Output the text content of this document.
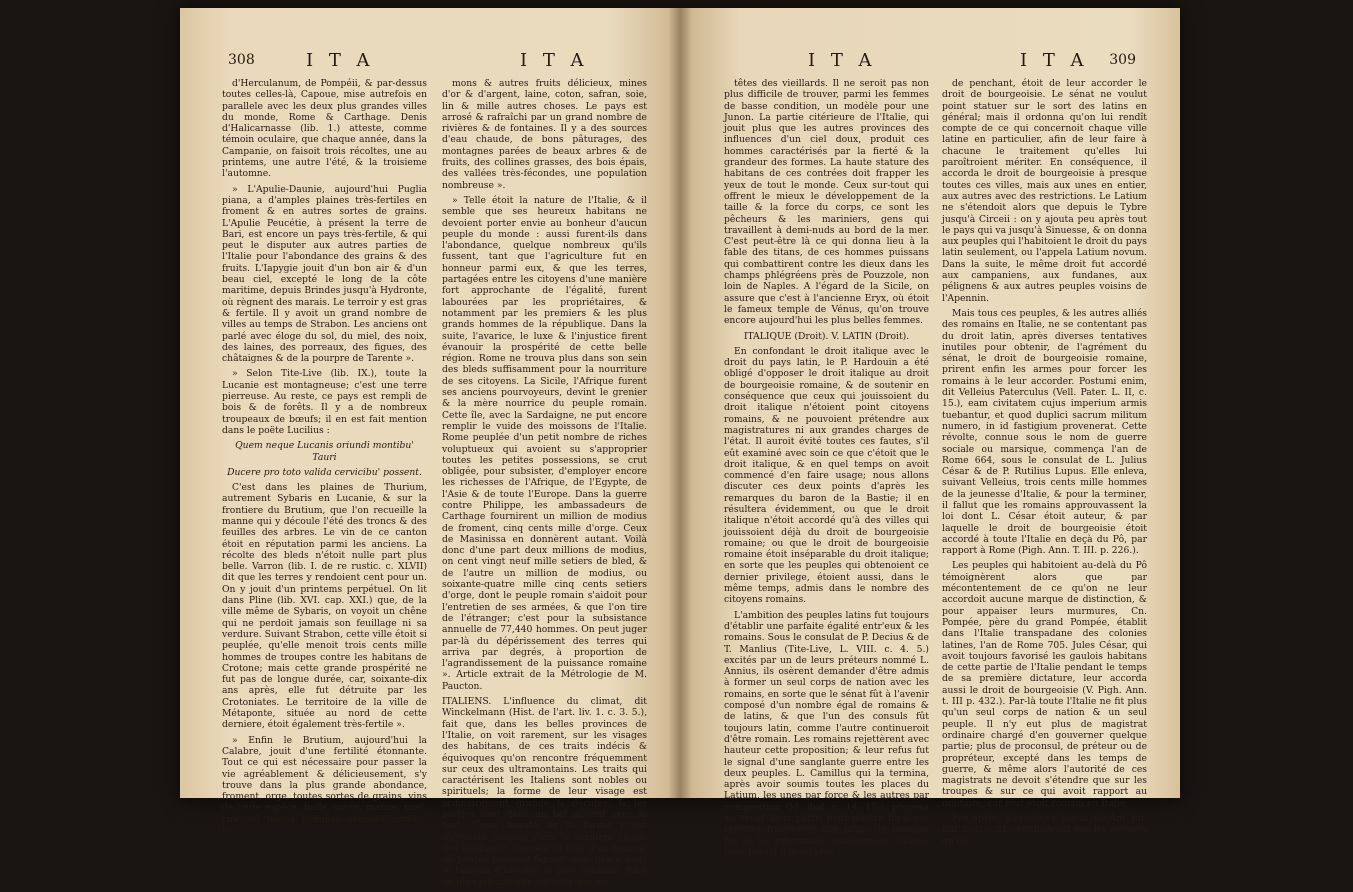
308	I T A	I T A

d'Herculanum, de Pompéii, & par-dessus toutes celles-là, Capoue, mise autrefois en parallele avec les deux plus grandes villes du monde, Rome & Carthage. Denis d'Halicarnasse (lib. 1.) atteste, comme témoin oculaire, que chaque année, dans la Campanie, on faisoit trois récoltes, une au printems, une autre l'été, & la troisieme l'automne.

» L'Apulie-Daunie, aujourd'hui Puglia piana, a d'amples plaines très-fertiles en froment & en autres sortes de grains. L'Apulie Peucétie, à présent la terre de Bari, est encore un pays très-fertile, & qui peut le disputer aux autres parties de l'Italie pour l'abondance des grains & des fruits. L'Iapygie jouit d'un bon air & d'un beau ciel, excepté le long de la côte maritime, depuis Brindes jusqu'à Hydronte, où règnent des marais. Le terroir y est gras & fertile. Il y avoit un grand nombre de villes au temps de Strabon. Les anciens ont parlé avec éloge du sol, du miel, des noix, des laines, des porreaux, des figues, des châtaignes & de la pourpre de Tarente ».

» Selon Tite-Live (lib. IX.), toute la Lucanie est montagneuse; c'est une terre pierreuse. Au reste, ce pays est rempli de bois & de forêts. Il y a de nombreux troupeaux de bœufs; il en est fait mention dans le poëte Lucilius :

Quem neque Lucanis oriundi montibu' Tauri

Ducere pro toto valida cervicibu' possent.

C'est dans les plaines de Thurium, autrement Sybaris en Lucanie, & sur la frontiere du Brutium, que l'on recueille la manne qui y découle l'été des troncs & des feuilles des arbres. Le vin de ce canton étoit en réputation parmi les anciens. La récolte des bleds n'étoit nulle part plus belle. Varron (lib. I. de re rustic. c. XLVII) dit que les terres y rendoient cent pour un. On y jouit d'un printems perpétuel. On lit dans Pline (lib. XVI. cap. XXI.) que, de la ville même de Sybaris, on voyoit un chêne qui ne perdoit jamais son feuillage ni sa verdure. Suivant Strabon, cette ville étoit si peuplée, qu'elle menoit trois cents mille hommes de troupes contre les habitans de Crotone; mais cette grande prospérité ne fut pas de longue durée, car, soixante-dix ans après, elle fut détruite par les Crotoniates. Le territoire de la ville de Métaponte, située au nord de cette derniere, étoit également très-fertile ».

» Enfin le Brutium, aujourd'hui la Calabre, jouit d'une fertilité étonnante. Tout ce qui est nécessaire pour passer la vie agréablement & délicieusement, s'y trouve dans la plus grande abondance, froment, orge, toutes sortes de grains, vins de toute espèce, huile, sucre, manne, miel, cire, sel, figues, pommes, oranges, citrons, li-

mons & autres fruits délicieux, mines d'or & d'argent, laine, coton, safran, soie, lin & mille autres choses. Le pays est arrosé & rafraîchi par un grand nombre de rivières & de fontaines. Il y a des sources d'eau chaude, de bons pâturages, des montagnes parées de beaux arbres & de fruits, des collines grasses, des bois épais, des vallées très-fécondes, une population nombreuse ».

» Telle étoit la nature de l'Italie, & il semble que ses heureux habitans ne devoient porter envie au bonheur d'aucun peuple du monde : aussi furent-ils dans l'abondance, quelque nombreux qu'ils fussent, tant que l'agriculture fut en honneur parmi eux, & que les terres, partagées entre les citoyens d'une manière fort approchante de l'égalité, furent labourées par les propriétaires, & notamment par les premiers & les plus grands hommes de la république. Dans la suite, l'avarice, le luxe & l'injustice firent évanouir la prospérité de cette belle région. Rome ne trouva plus dans son sein des bleds suffisamment pour la nourriture de ses citoyens. La Sicile, l'Afrique furent ses anciens pourvoyeurs, devint le grenier & la mère nourrice du peuple romain. Cette île, avec la Sardaigne, ne put encore remplir le vuide des moissons de l'Italie. Rome peuplée d'un petit nombre de riches voluptueux qui avoient su s'approprier toutes les petites possessions, se crut obligée, pour subsister, d'employer encore les richesses de l'Afrique, de l'Egypte, de l'Asie & de toute l'Europe. Dans la guerre contre Philippe, les ambassadeurs de Carthage fournirent un million de modius de froment, cinq cents mille d'orge. Ceux de Masinissa en donnèrent autant. Voilà donc d'une part deux millions de modius, on cent vingt neuf mille setiers de bled, & de l'autre un million de modius, ou soixante-quatre mille cinq cents setiers d'orge, dont le peuple romain s'aidoit pour l'entretien de ses armées, & que l'on tire de l'étranger; c'est pour la subsistance annuelle de 77,440 hommes. On peut juger par-là du dépérissement des terres qui arriva par degrés, à proportion de l'agrandissement de la puissance romaine ». Article extrait de la Métrologie de M. Paucton.

ITALIENS. L'influence du climat, dit Winckelmann (Hist. de l'art. liv. 1. c. 3. 5.), fait que, dans les belles provinces de l'Italie, on voit rarement, sur les visages des habitans, de ces traits indécis & équivoques qu'on rencontre fréquemment sur ceux des ultramontains. Les traits qui caractérisent les Italiens sont nobles ou spirituels; la forme de leur visage est ordinairement grande & décidée, & les parties sont dans un bel accord avec le tout. Cette beauté de la forme y est frappante jusques dans la dernière classe des habitans : souvent la tête d'un homme du peuple pourroit figurer avec grace dans le tableau d'histoire le plus sublime. Rien de plus pittoresque sur-tout que les

I T A	I T A 309

têtes des vieillards. Il ne seroit pas non plus difficile de trouver, parmi les femmes de basse condition, un modèle pour une Junon. La partie citérieure de l'Italie, qui jouit plus que les autres provinces des influences d'un ciel doux, produit ces hommes caractérisés par la fierté & la grandeur des formes. La haute stature des habitans de ces contrées doit frapper les yeux de tout le monde. Ceux sur-tout qui offrent le mieux le développement de la taille & la force du corps, ce sont les pêcheurs & les mariniers, gens qui travaillent à demi-nuds au bord de la mer. C'est peut-être là ce qui donna lieu à la fable des titans, de ces hommes puissans qui combattirent contre les dieux dans les champs phlégréens près de Pouzzole, non loin de Naples. A l'égard de la Sicile, on assure que c'est à l'ancienne Eryx, où étoit le fameux temple de Vénus, qu'on trouve encore aujourd'hui les plus belles femmes.

ITALIQUE (Droit). V. LATIN (Droit).

En confondant le droit italique avec le droit du pays latin, le P. Hardouin a été obligé d'opposer le droit italique au droit de bourgeoisie romaine, & de soutenir en conséquence que ceux qui jouissoient du droit italique n'étoient point citoyens romains, & ne pouvoient prétendre aux magistratures ni aux grandes charges de l'état. Il auroit évité toutes ces fautes, s'il eût examiné avec soin ce que c'étoit que le droit italique, & en quel temps on avoit commencé d'en faire usage; nous allons discuter ces deux points d'après les remarques du baron de la Bastie; il en résultera évidemment, ou que le droit italique n'étoit accordé qu'à des villes qui jouissoient déjà du droit de bourgeoisie romaine; ou que le droit de bourgeoisie romaine étoit inséparable du droit italique; en sorte que les peuples qui obtenoient ce dernier privilege, étoient aussi, dans le même temps, admis dans le nombre des citoyens romains.

L'ambition des peuples latins fut toujours d'établir une parfaite égalité entr'eux & les romains. Sous le consulat de P. Decius & de T. Manlius (Tite-Live, L. VIII. c. 4. 5.) excités par un de leurs préteurs nommé L. Annius, ils osèrent demander d'être admis à former un seul corps de nation avec les romains, en sorte que le sénat fût à l'avenir composé d'un nombre égal de romains & de latins, & que l'un des consuls fût toujours latin, comme l'autre continueroit d'être romain. Les romains rejettèrent avec hauteur cette proposition; & leur refus fut le signal d'une sanglante guerre entre les deux peuples. L. Camillus qui la termina, après avoir soumis toutes les places du Latium, les unes par force & les autres par composition (Id. ibid. c. 14. 15.), proposa au sénat deux partis pour mettre fin à ces révoltes fréquentes des latins; le premier fut de les exterminer entièrement; l'autre, pour lequel il avoit plus

de penchant, étoit de leur accorder le droit de bourgeoisie. Le sénat ne voulut point statuer sur le sort des latins en général; mais il ordonna qu'on lui rendît compte de ce qui concernoit chaque ville latine en particulier, afin de leur faire à chacune le traitement qu'elles lui paroîtroient mériter. En conséquence, il accorda le droit de bourgeoisie à presque toutes ces villes, mais aux unes en entier, aux autres avec des restrictions. Le Latium ne s'étendoit alors que depuis le Tybre jusqu'à Circeii : on y ajouta peu après tout le pays qui va jusqu'à Sinuesse, & on donna aux peuples qui l'habitoient le droit du pays latin seulement, ou l'appela Latium novum. Dans la suite, le même droit fut accordé aux campaniens, aux fundanes, aux pélignens & aux autres peuples voisins de l'Apennin.

Mais tous ces peuples, & les autres alliés des romains en Italie, ne se contentant pas du droit latin, après diverses tentatives inutiles pour obtenir, de l'agrément du sénat, le droit de bourgeoisie romaine, prirent enfin les armes pour forcer les romains à le leur accorder. Postumi enim, dit Velleius Paterculus (Vell. Pater. L. II, c. 15.), eam civitatem cujus imperium armis tuebantur, et quod duplici sacrum militum numero, in id fastigium provenerat. Cette révolte, connue sous le nom de guerre sociale ou marsique, commença l'an de Rome 664, sous le consulat de L. Julius César & de P. Rutilius Lupus. Elle enleva, suivant Velleius, trois cents mille hommes de la jeunesse d'Italie, & pour la terminer, il fallut que les romains approuvassent la loi dont L. César étoit auteur, & par laquelle le droit de bourgeoisie étoit accordé à toute l'Italie en deçà du Pô, par rapport à Rome (Pigh. Ann. T. III. p. 226.).

Les peuples qui habitoient au-delà du Pô témoignèrent alors que par mécontentement de ce qu'on ne leur accordoit aucune marque de distinction, & pour appaiser leurs murmures, Cn. Pompée, père du grand Pompée, établit dans l'Italie transpadane des colonies latines, l'an de Rome 705. Jules César, qui avoit toujours favorisé les gaulois habitans de cette partie de l'Italie pendant le temps de sa première dictature, leur accorda aussi le droit de bourgeoisie (V. Pigh. Ann. t. III p. 432.). Par-là toute l'Italie ne fit plus qu'un seul corps de nation & un seul peuple. Il n'y eut plus de magistrat ordinaire chargé d'en gouverner quelque partie; plus de proconsul, de préteur ou de propréteur, excepté dans les temps de guerre, & même alors l'autorité de ces magistrats ne devoit s'étendre que sur les troupes & sur ce qui avoit rapport au militaire, car tout étoit romain en Italie.

Peu après, Auguste (V. Sigon. de Ant. jur. ital. L. I. c. 21.) confidérant que les revenus qu'on
